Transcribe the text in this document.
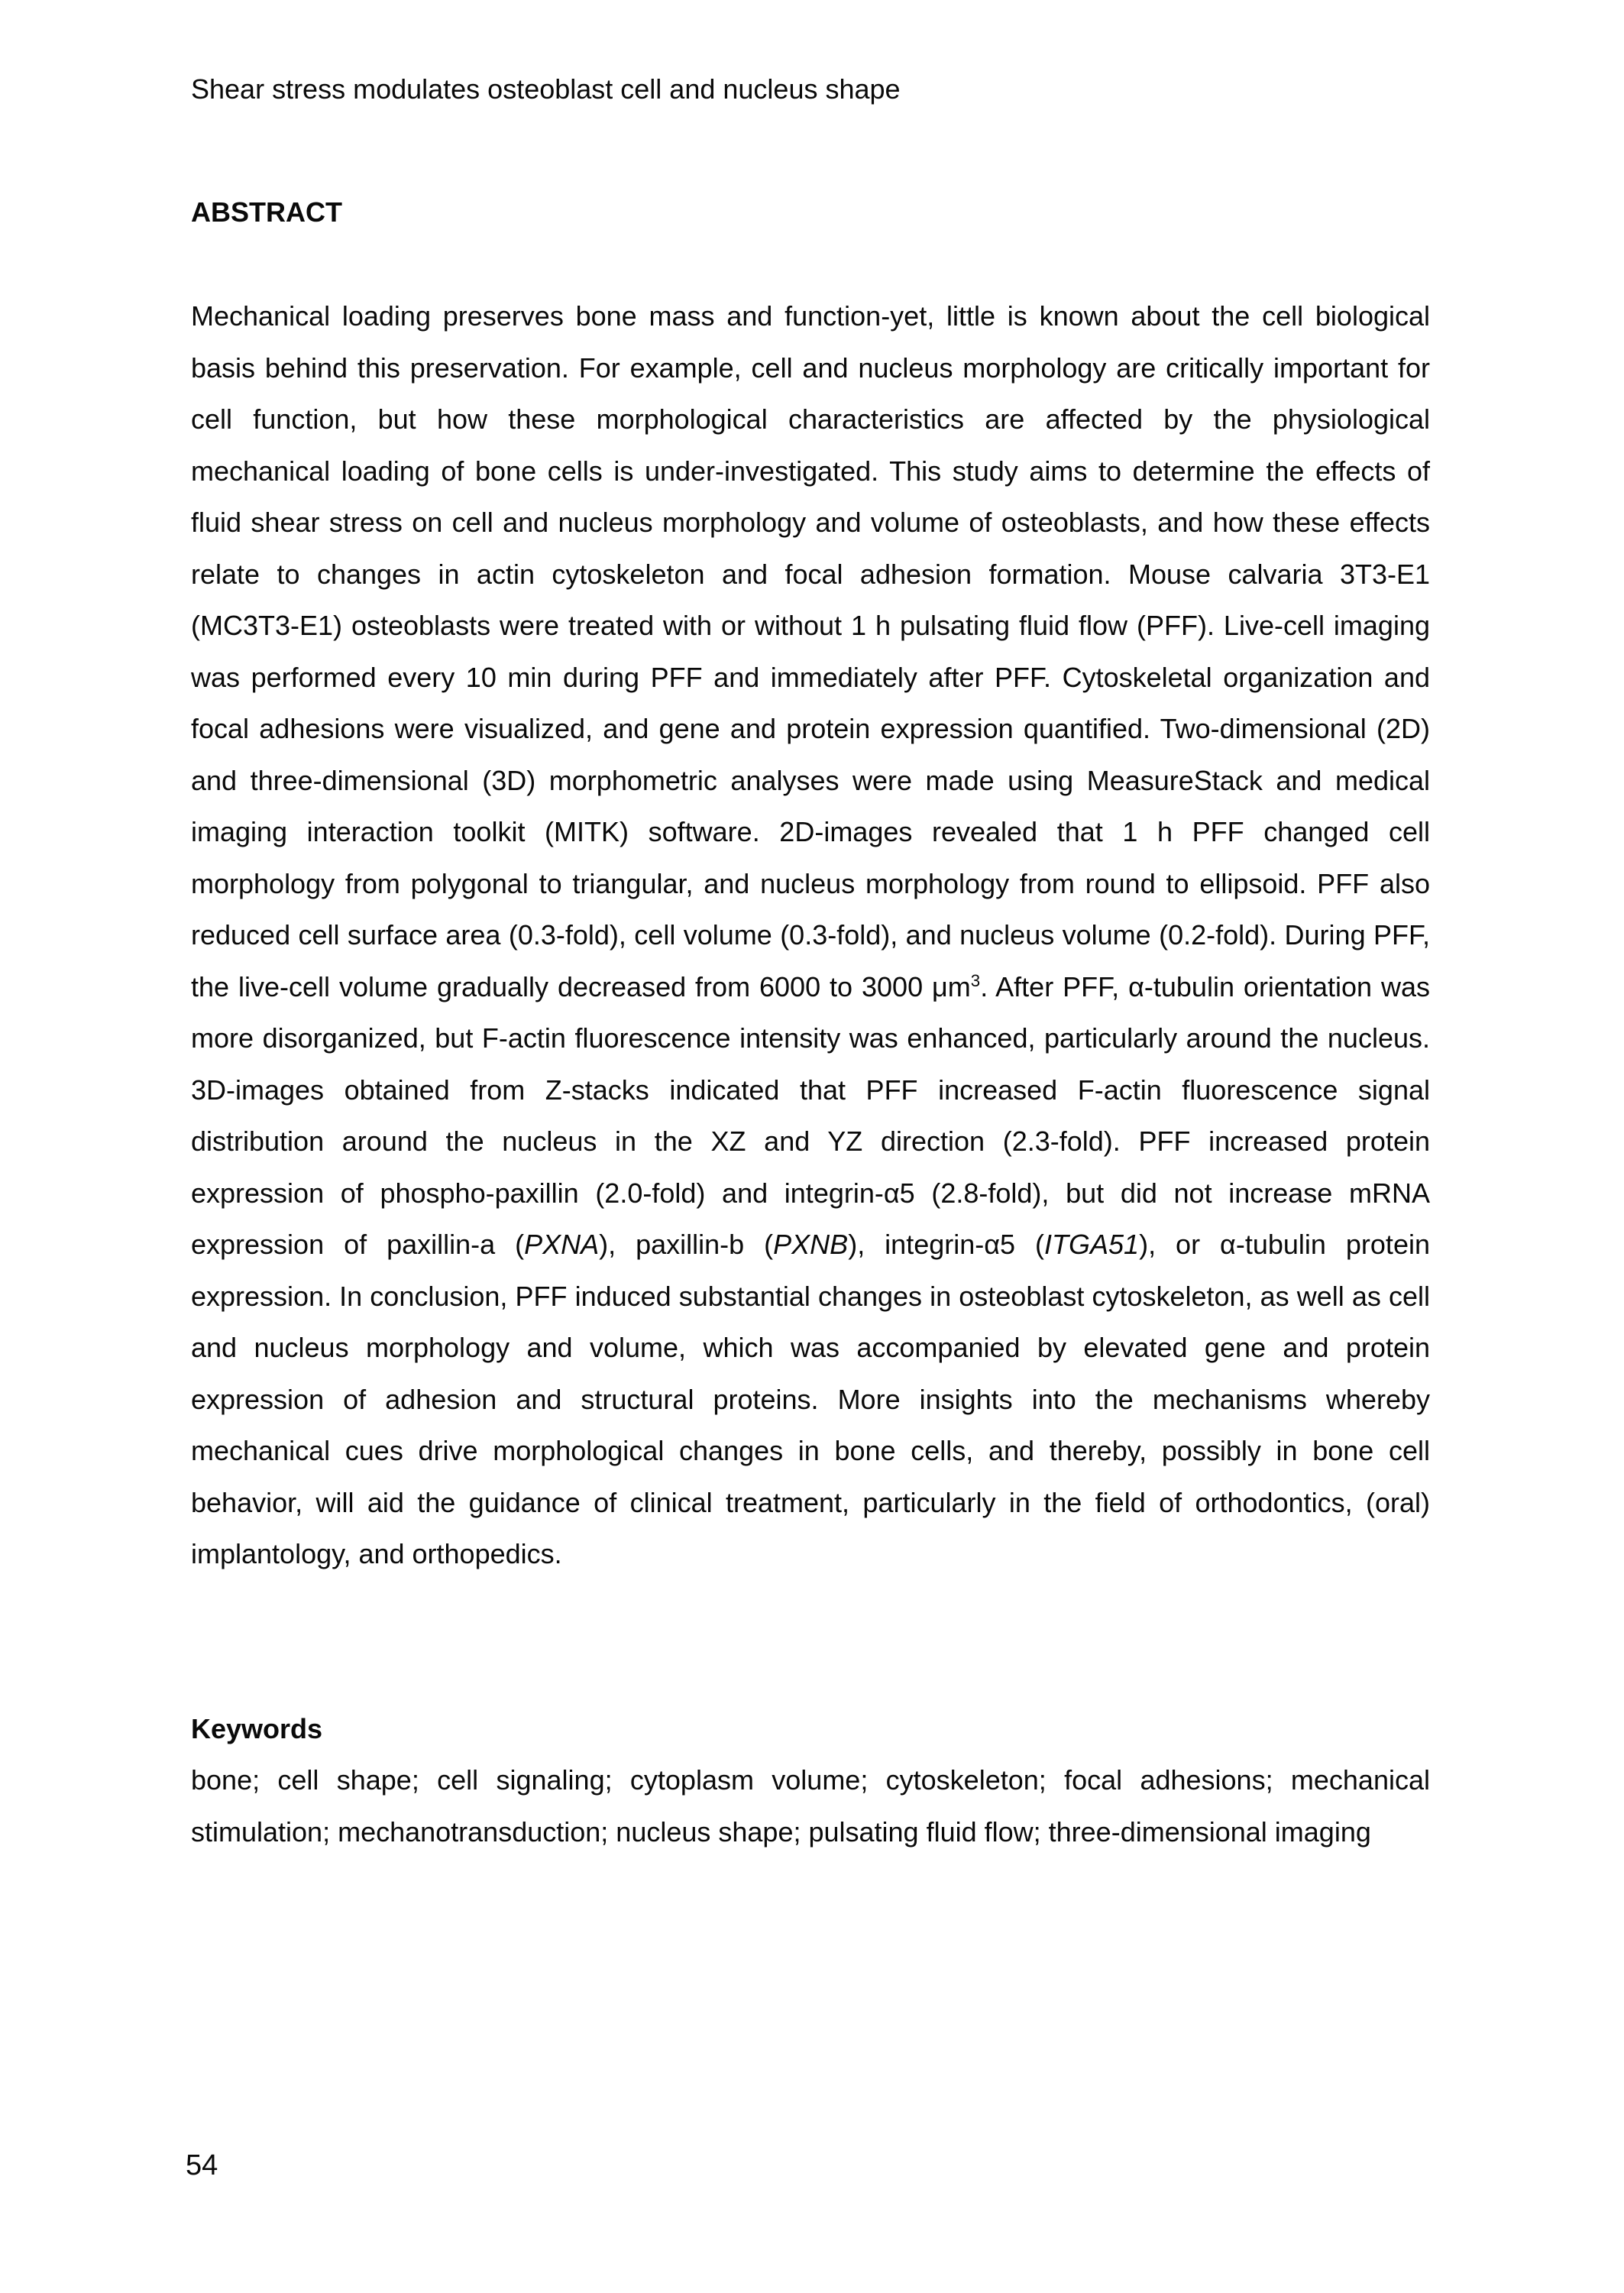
Shear stress modulates osteoblast cell and nucleus shape
ABSTRACT

Mechanical loading preserves bone mass and function-yet, little is known about the cell biological basis behind this preservation. For example, cell and nucleus morphology are critically important for cell function, but how these morphological characteristics are affected by the physiological mechanical loading of bone cells is under-investigated. This study aims to determine the effects of fluid shear stress on cell and nucleus morphology and volume of osteoblasts, and how these effects relate to changes in actin cytoskeleton and focal adhesion formation. Mouse calvaria 3T3-E1 (MC3T3-E1) osteoblasts were treated with or without 1 h pulsating fluid flow (PFF). Live-cell imaging was performed every 10 min during PFF and immediately after PFF. Cytoskeletal organization and focal adhesions were visualized, and gene and protein expression quantified. Two-dimensional (2D) and three-dimensional (3D) morphometric analyses were made using MeasureStack and medical imaging interaction toolkit (MITK) software. 2D-images revealed that 1 h PFF changed cell morphology from polygonal to triangular, and nucleus morphology from round to ellipsoid. PFF also reduced cell surface area (0.3-fold), cell volume (0.3-fold), and nucleus volume (0.2-fold). During PFF, the live-cell volume gradually decreased from 6000 to 3000 $\mu m^3$. After PFF, α-tubulin orientation was more disorganized, but F-actin fluorescence intensity was enhanced, particularly around the nucleus. 3D-images obtained from Z-stacks indicated that PFF increased F-actin fluorescence signal distribution around the nucleus in the XZ and YZ direction (2.3-fold). PFF increased protein expression of phospho-paxillin (2.0-fold) and integrin-α5 (2.8-fold), but did not increase mRNA expression of paxillin-a (PXNA), paxillin-b (PXNB), integrin-α5 (ITGA51), or α-tubulin protein expression. In conclusion, PFF induced substantial changes in osteoblast cytoskeleton, as well as cell and nucleus morphology and volume, which was accompanied by elevated gene and protein expression of adhesion and structural proteins. More insights into the mechanisms whereby mechanical cues drive morphological changes in bone cells, and thereby, possibly in bone cell behavior, will aid the guidance of clinical treatment, particularly in the field of orthodontics, (oral) implantology, and orthopedics.

Keywords

bone; cell shape; cell signaling; cytoplasm volume; cytoskeleton; focal adhesions; mechanical stimulation; mechanotransduction; nucleus shape; pulsating fluid flow; three-dimensional imaging

54
